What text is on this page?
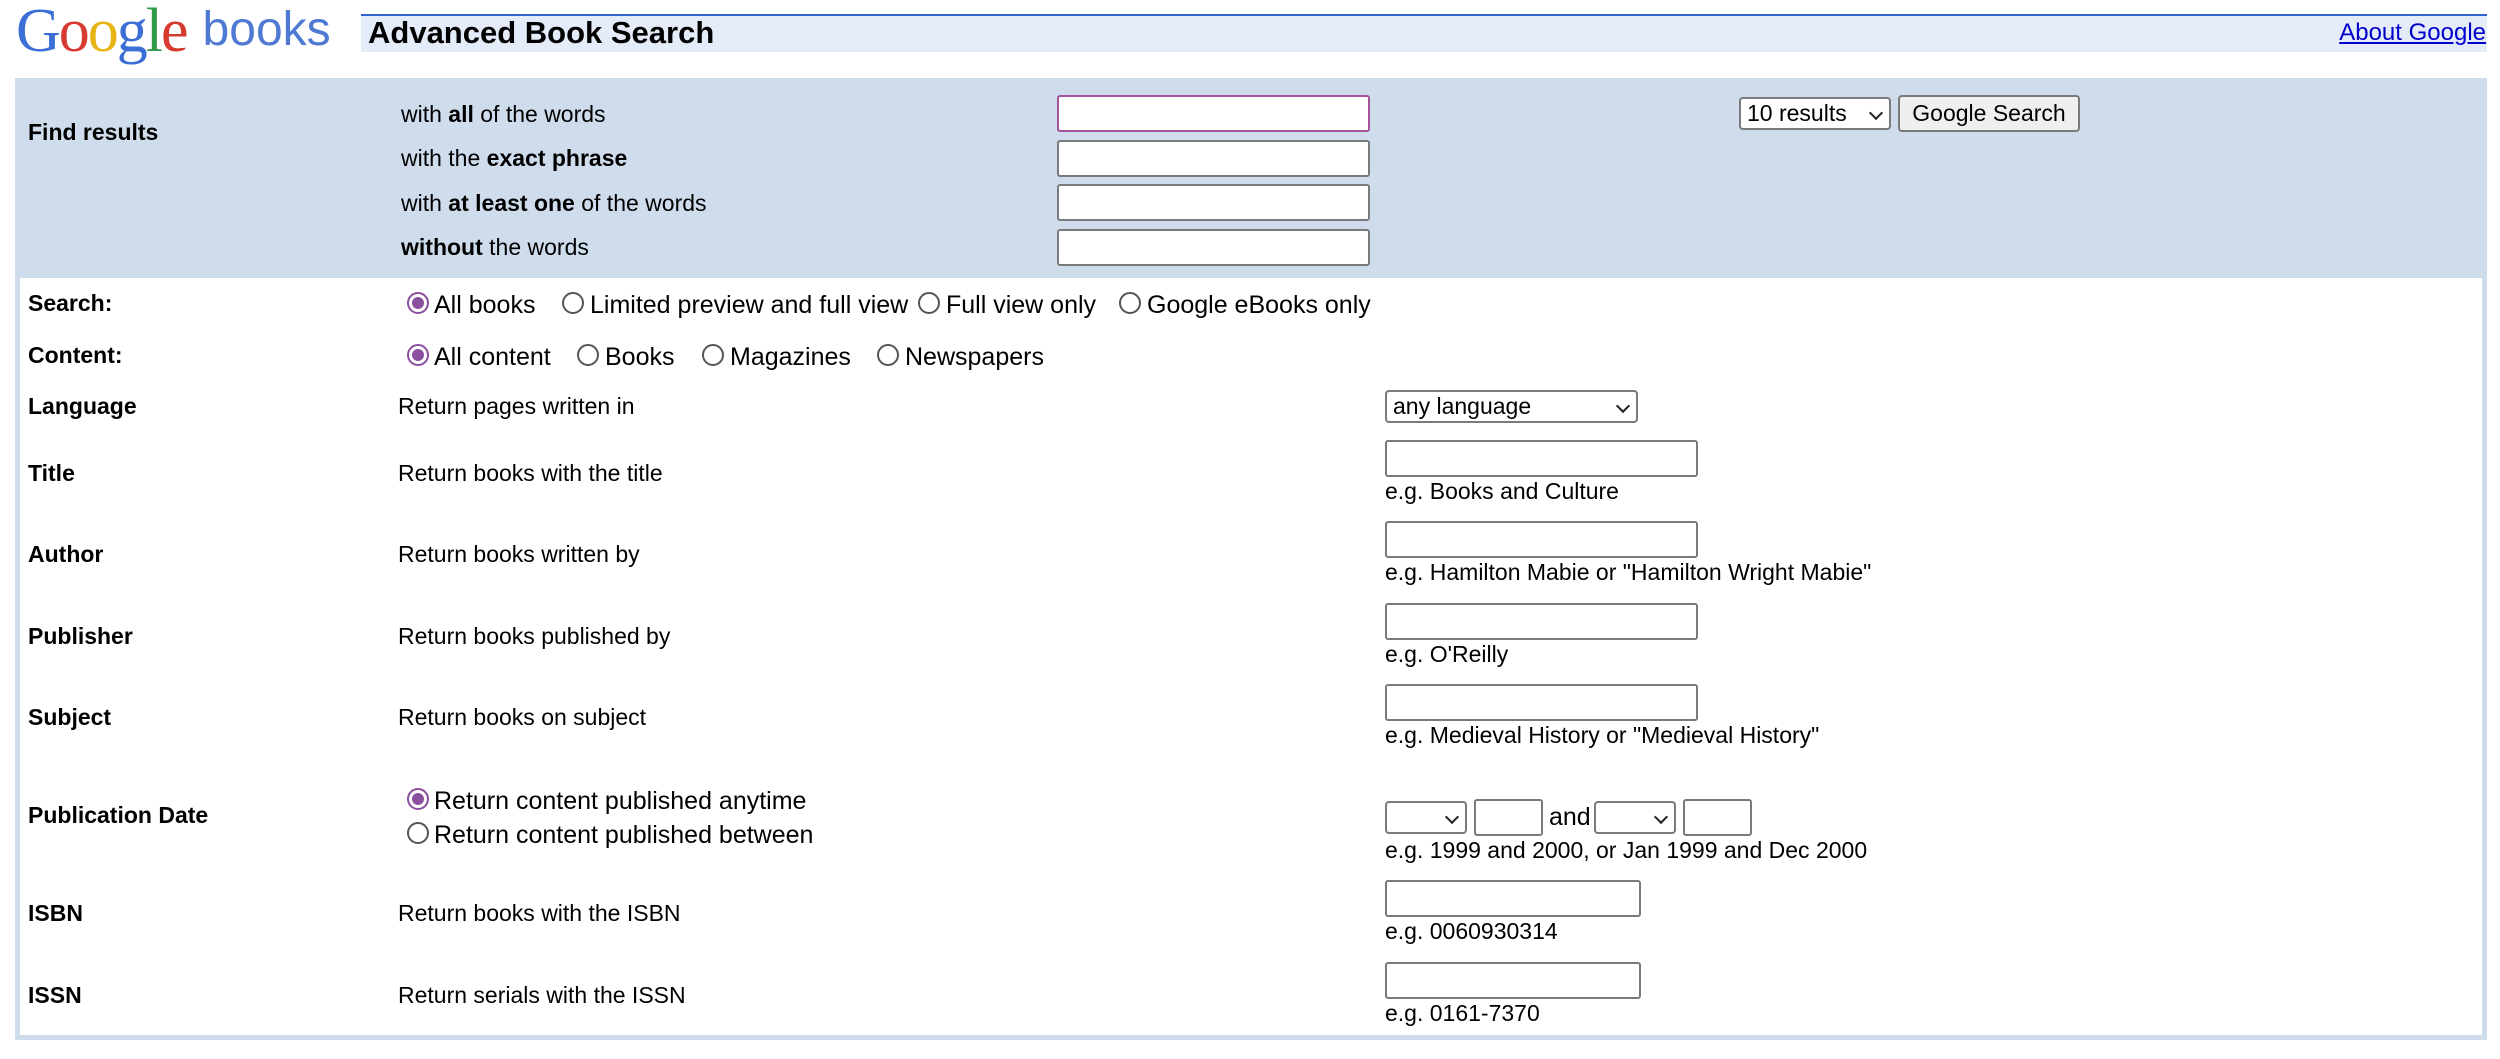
Google books Advanced Book Search	About Google
Find results
with all of the words
with the exact phrase
with at least one of the words
without the words
10 results	Google Search
Search:	All books Limited preview and full view Full view only Google eBooks only
Content:	All content Books Magazines Newspapers
Language	Return pages written in	any language
Title	Return books with the title
e.g. Books and Culture
Author	Return books written by
e.g. Hamilton Mabie or "Hamilton Wright Mabie"
Publisher	Return books published by
e.g. O'Reilly
Subject	Return books on subject
e.g. Medieval History or "Medieval History"
Publication Date	Return content published anytime
Return content published between
and
e.g. 1999 and 2000, or Jan 1999 and Dec 2000
ISBN	Return books with the ISBN
e.g. 0060930314
ISSN	Return serials with the ISSN
e.g. 0161-7370
